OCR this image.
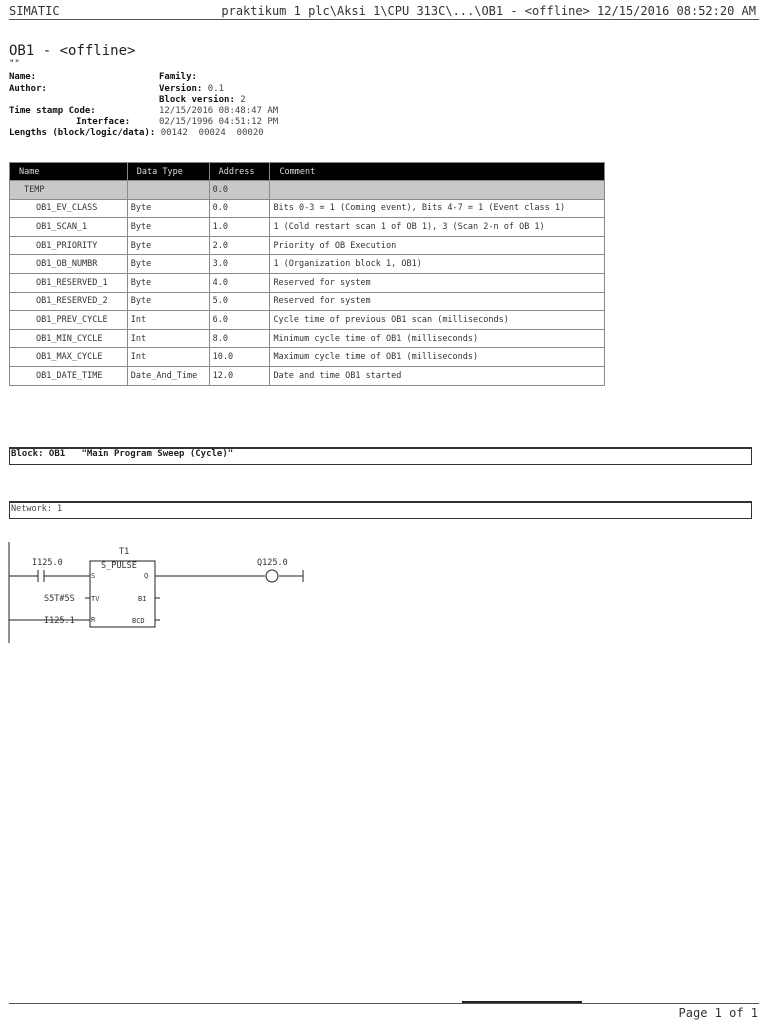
SIMATIC	praktikum 1 plc\Aksi 1\CPU 313C\...\OB1 - <offline> 12/15/2016 08:52:20 AM
OB1 - <offline>
""
Name:
Author:
Family:
Version: 0.1
Block version: 2
Time stamp Code:	12/15/2016 08:48:47 AM
Interface:	02/15/1996 04:51:12 PM
Lengths (block/logic/data): 00142  00024  00020
Name	Data Type	Address	Comment
TEMP		0.0	
OB1_EV_CLASS	Byte	0.0	Bits 0-3 = 1 (Coming event), Bits 4-7 = 1 (Event class 1)
OB1_SCAN_1	Byte	1.0	1 (Cold restart scan 1 of OB 1), 3 (Scan 2-n of OB 1)
OB1_PRIORITY	Byte	2.0	Priority of OB Execution
OB1_OB_NUMBR	Byte	3.0	1 (Organization block 1, OB1)
OB1_RESERVED_1	Byte	4.0	Reserved for system
OB1_RESERVED_2	Byte	5.0	Reserved for system
OB1_PREV_CYCLE	Int	6.0	Cycle time of previous OB1 scan (milliseconds)
OB1_MIN_CYCLE	Int	8.0	Minimum cycle time of OB1 (milliseconds)
OB1_MAX_CYCLE	Int	10.0	Maximum cycle time of OB1 (milliseconds)
OB1_DATE_TIME	Date_And_Time	12.0	Date and time OB1 started
Block: OB1 "Main Program Sweep (Cycle)"
Network: 1
T1
S_PULSE
S	Q
TV	BI
R	BCD
I125.0
S5T#5S
I125.1
Q125.0
Page 1 of 1
